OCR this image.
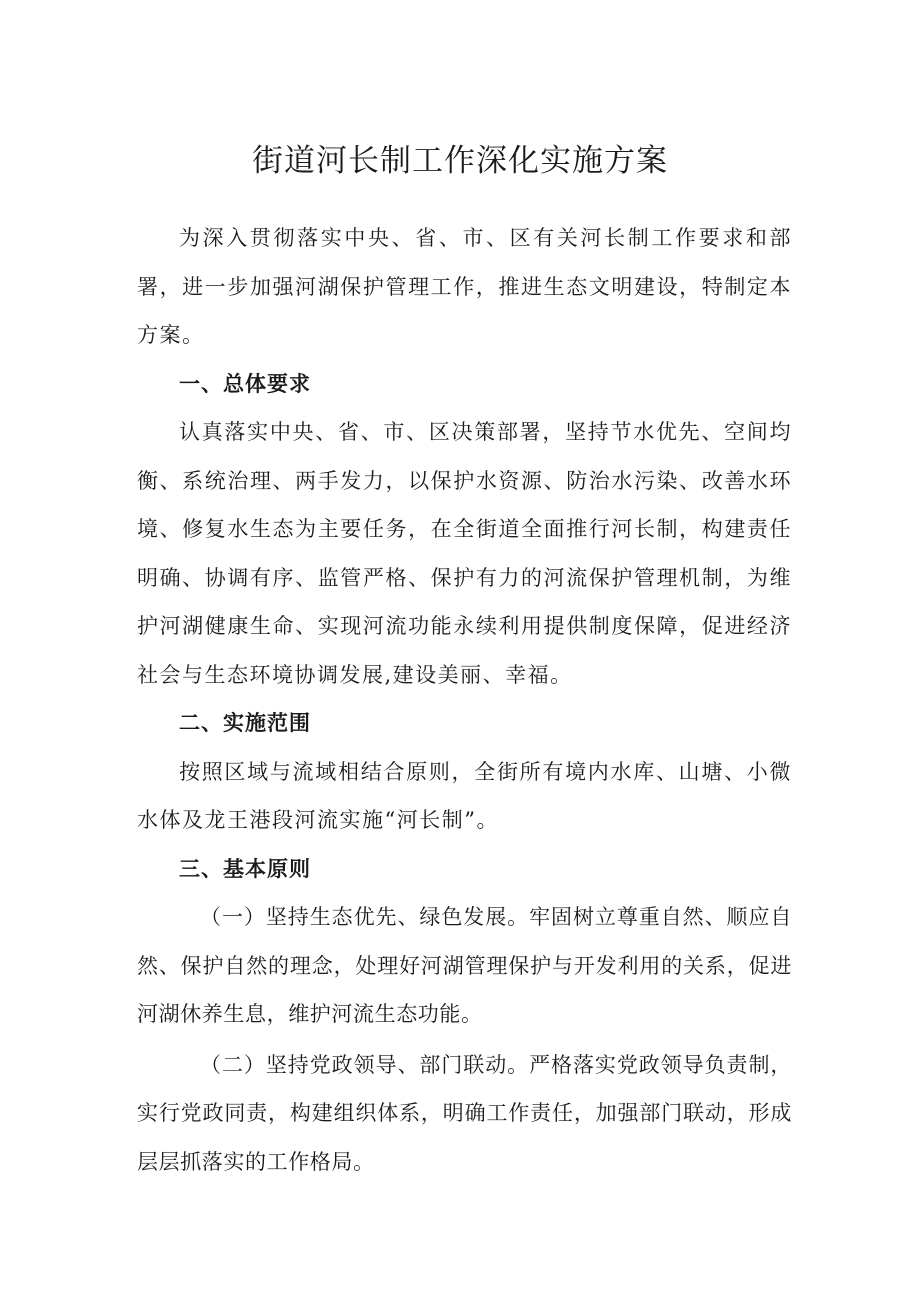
街道河长制工作深化实施方案

为深入贯彻落实中央、省、市、区有关河长制工作要求和部署，进一步加强河湖保护管理工作，推进生态文明建设，特制定本方案。

一、总体要求

认真落实中央、省、市、区决策部署，坚持节水优先、空间均衡、系统治理、两手发力，以保护水资源、防治水污染、改善水环境、修复水生态为主要任务，在全街道全面推行河长制，构建责任明确、协调有序、监管严格、保护有力的河流保护管理机制，为维护河湖健康生命、实现河流功能永续利用提供制度保障，促进经济社会与生态环境协调发展,建设美丽、幸福。

二、实施范围

按照区域与流域相结合原则，全街所有境内水库、山塘、小微水体及龙王港段河流实施“河长制”。

三、基本原则

（一）坚持生态优先、绿色发展。牢固树立尊重自然、顺应自然、保护自然的理念，处理好河湖管理保护与开发利用的关系，促进河湖休养生息，维护河流生态功能。

（二）坚持党政领导、部门联动。严格落实党政领导负责制，实行党政同责，构建组织体系，明确工作责任，加强部门联动，形成层层抓落实的工作格局。
